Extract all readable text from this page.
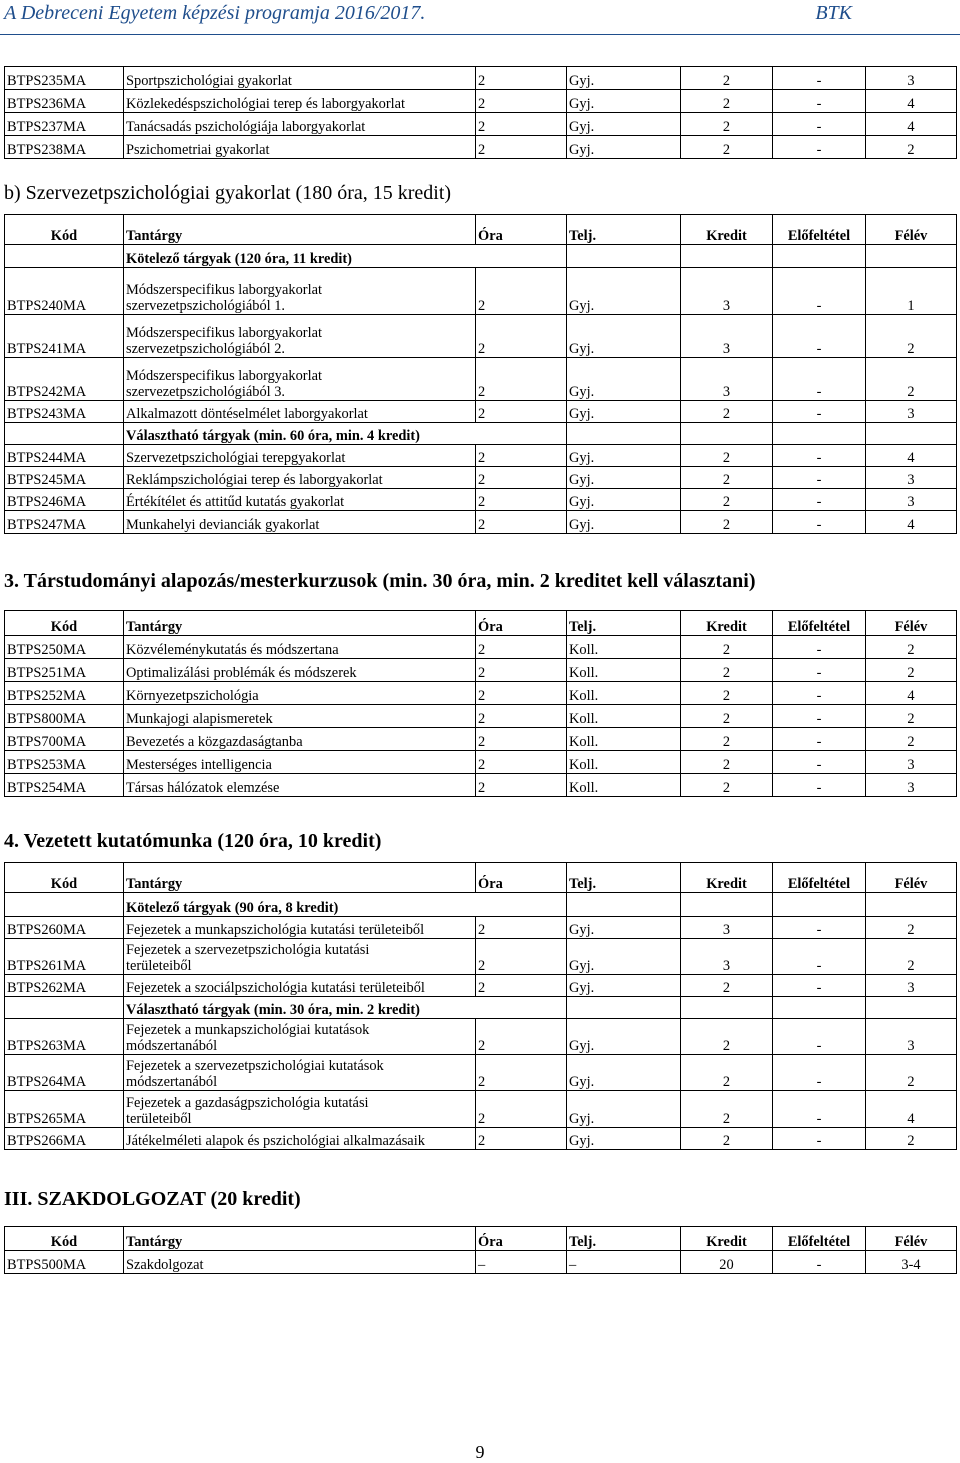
A Debreceni Egyetem képzési programja 2016/2017.	BTK
BTPS235MA	Sportpszichológiai gyakorlat	2	Gyj.	2	-	3
BTPS236MA	Közlekedéspszichológiai terep és laborgyakorlat	2	Gyj.	2	-	4
BTPS237MA	Tanácsadás pszichológiája laborgyakorlat	2	Gyj.	2	-	4
BTPS238MA	Pszichometriai gyakorlat	2	Gyj.	2	-	2
b) Szervezetpszichológiai gyakorlat (180 óra, 15 kredit)
Kód	Tantárgy	Óra	Telj.	Kredit	Előfeltétel	Félév
	Kötelező tárgyak (120 óra, 11 kredit)					
BTPS240MA	Módszerspecifikus laborgyakorlat
szervezetpszichológiából 1.	2	Gyj.	3	-	1
BTPS241MA	Módszerspecifikus laborgyakorlat
szervezetpszichológiából 2.	2	Gyj.	3	-	2
BTPS242MA	Módszerspecifikus laborgyakorlat
szervezetpszichológiából 3.	2	Gyj.	3	-	2
BTPS243MA	Alkalmazott döntéselmélet laborgyakorlat	2	Gyj.	2	-	3
	Választható tárgyak (min. 60 óra, min. 4 kredit)					
BTPS244MA	Szervezetpszichológiai terepgyakorlat	2	Gyj.	2	-	4
BTPS245MA	Reklámpszichológiai terep és laborgyakorlat	2	Gyj.	2	-	3
BTPS246MA	Értékítélet és attitűd kutatás gyakorlat	2	Gyj.	2	-	3
BTPS247MA	Munkahelyi devianciák gyakorlat	2	Gyj.	2	-	4
3. Társtudományi alapozás/mesterkurzusok (min. 30 óra, min. 2 kreditet kell választani)
Kód	Tantárgy	Óra	Telj.	Kredit	Előfeltétel	Félév
BTPS250MA	Közvéleménykutatás és módszertana	2	Koll.	2	-	2
BTPS251MA	Optimalizálási problémák és módszerek	2	Koll.	2	-	2
BTPS252MA	Környezetpszichológia	2	Koll.	2	-	4
BTPS800MA	Munkajogi alapismeretek	2	Koll.	2	-	2
BTPS700MA	Bevezetés a közgazdaságtanba	2	Koll.	2	-	2
BTPS253MA	Mesterséges intelligencia	2	Koll.	2	-	3
BTPS254MA	Társas hálózatok elemzése	2	Koll.	2	-	3
4. Vezetett kutatómunka (120 óra, 10 kredit)
Kód	Tantárgy	Óra	Telj.	Kredit	Előfeltétel	Félév
	Kötelező tárgyak (90 óra, 8 kredit)					
BTPS260MA	Fejezetek a munkapszichológia kutatási területeiből	2	Gyj.	3	-	2
BTPS261MA	Fejezetek a szervezetpszichológia kutatási
területeiből	2	Gyj.	3	-	2
BTPS262MA	Fejezetek a szociálpszichológia kutatási területeiből	2	Gyj.	2	-	3
	Választható tárgyak (min. 30 óra, min. 2 kredit)					
BTPS263MA	Fejezetek a munkapszichológiai kutatások
módszertanából	2	Gyj.	2	-	3
BTPS264MA	Fejezetek a szervezetpszichológiai kutatások
módszertanából	2	Gyj.	2	-	2
BTPS265MA	Fejezetek a gazdaságpszichológia kutatási
területeiből	2	Gyj.	2	-	4
BTPS266MA	Játékelméleti alapok és pszichológiai alkalmazásaik	2	Gyj.	2	-	2
III. SZAKDOLGOZAT (20 kredit)
Kód	Tantárgy	Óra	Telj.	Kredit	Előfeltétel	Félév
BTPS500MA	Szakdolgozat	–	–	20	-	3-4
9
